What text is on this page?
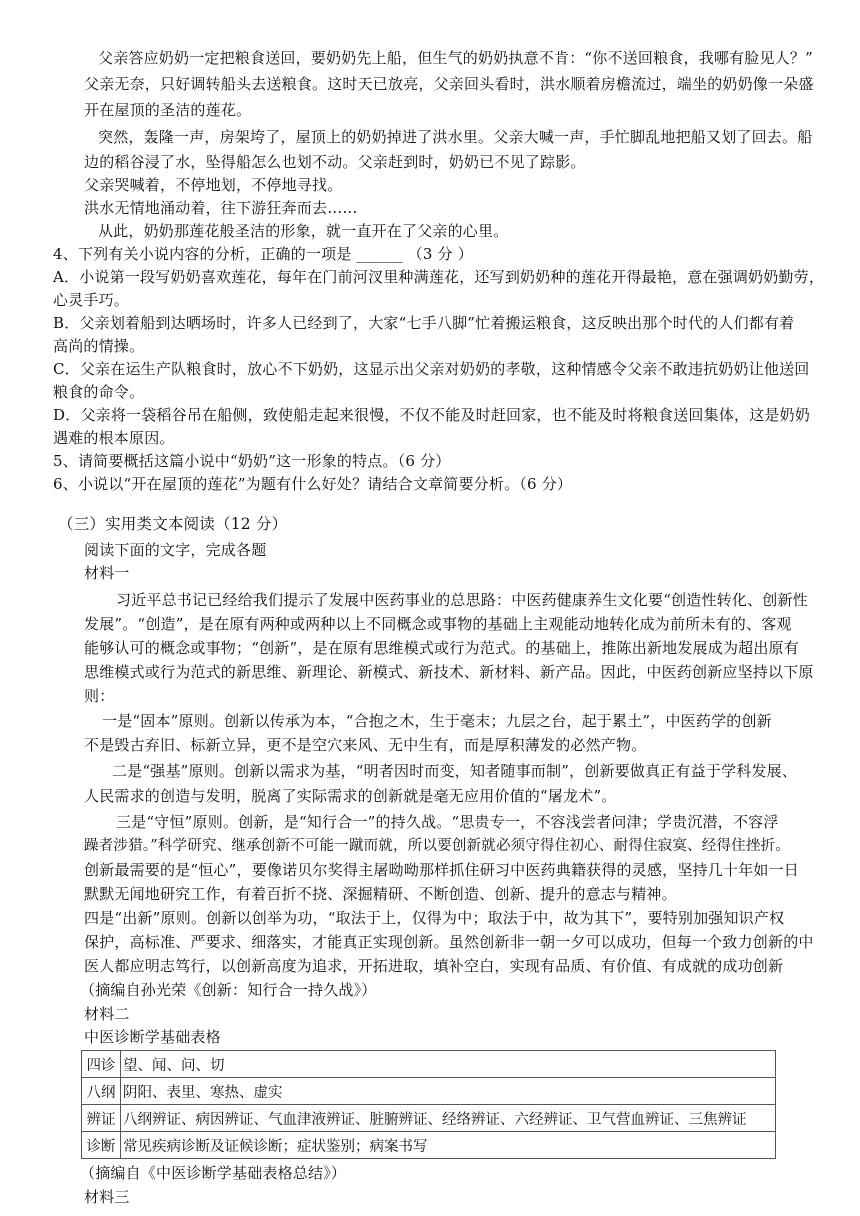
父亲答应奶奶一定把粮食送回，要奶奶先上船，但生气的奶奶执意不肯：“你不送回粮食，我哪有脸见人？”
父亲无奈，只好调转船头去送粮食。这时天已放亮，父亲回头看时，洪水顺着房檐流过，端坐的奶奶像一朵盛
开在屋顶的圣洁的莲花。
突然，轰隆一声，房架垮了，屋顶上的奶奶掉进了洪水里。父亲大喊一声，手忙脚乱地把船又划了回去。船
边的稻谷浸了水，坠得船怎么也划不动。父亲赶到时，奶奶已不见了踪影。
父亲哭喊着，不停地划，不停地寻找。
洪水无情地涌动着，往下游狂奔而去……
从此，奶奶那莲花般圣洁的形象，就一直开在了父亲的心里。
4、下列有关小说内容的分析，正确的一项是 ______ （3 分 ）
A．小说第一段写奶奶喜欢莲花，每年在门前河汊里种满莲花，还写到奶奶种的莲花开得最艳，意在强调奶奶勤劳，
心灵手巧。
B．父亲划着船到达晒场时，许多人已经到了，大家“七手八脚”忙着搬运粮食，这反映出那个时代的人们都有着
高尚的情操。
C．父亲在运生产队粮食时，放心不下奶奶，这显示出父亲对奶奶的孝敬，这种情感令父亲不敢违抗奶奶让他送回
粮食的命令。
D．父亲将一袋稻谷吊在船侧，致使船走起来很慢，不仅不能及时赶回家，也不能及时将粮食送回集体，这是奶奶
遇难的根本原因。
5、请简要概括这篇小说中“奶奶”这一形象的特点。（6 分）
6、小说以“开在屋顶的莲花”为题有什么好处？请结合文章简要分析。（6 分）
（三）实用类文本阅读（12 分）
阅读下面的文字，完成各题
材料一
习近平总书记已经给我们提示了发展中医药事业的总思路：中医药健康养生文化要“创造性转化、创新性
发展”。“创造”，是在原有两种或两种以上不同概念或事物的基础上主观能动地转化成为前所未有的、客观
能够认可的概念或事物；“创新”，是在原有思维模式或行为范式。的基础上，推陈出新地发展成为超出原有
思维模式或行为范式的新思维、新理论、新模式、新技术、新材料、新产品。因此，中医药创新应坚持以下原
则：
一是“固本”原则。创新以传承为本，“合抱之木，生于毫末；九层之台，起于累土”，中医药学的创新
不是毁古弃旧、标新立异，更不是空穴来风、无中生有，而是厚积薄发的必然产物。
二是“强基”原则。创新以需求为基，“明者因时而变，知者随事而制”，创新要做真正有益于学科发展、
人民需求的创造与发明，脱离了实际需求的创新就是毫无应用价值的“屠龙术”。
三是“守恒”原则。创新，是“知行合一”的持久战。“思贵专一，不容浅尝者问津；学贵沉潜，不容浮
躁者涉猎。”科学研究、继承创新不可能一蹴而就，所以要创新就必须守得住初心、耐得住寂寞、经得住挫折。
创新最需要的是“恒心”，要像诺贝尔奖得主屠呦呦那样抓住研习中医药典籍获得的灵感，坚持几十年如一日
默默无闻地研究工作，有着百折不挠、深掘精研、不断创造、创新、提升的意志与精神。
四是“出新”原则。创新以创举为功，“取法于上，仅得为中；取法于中，故为其下”，要特别加强知识产权
保护，高标准、严要求、细落实，才能真正实现创新。虽然创新非一朝一夕可以成功，但每一个致力创新的中
医人都应明志笃行，以创新高度为追求，开拓进取，填补空白，实现有品质、有价值、有成就的成功创新
（摘编自孙光荣《创新：知行合一持久战》）
材料二
中医诊断学基础表格
四诊	望、闻、问、切
八纲	阴阳、表里、寒热、虚实
辨证	八纲辨证、病因辨证、气血津液辨证、脏腑辨证、经络辨证、六经辨证、卫气营血辨证、三焦辨证
诊断	常见疾病诊断及证候诊断；症状鉴别；病案书写
（摘编自《中医诊断学基础表格总结》）
材料三
